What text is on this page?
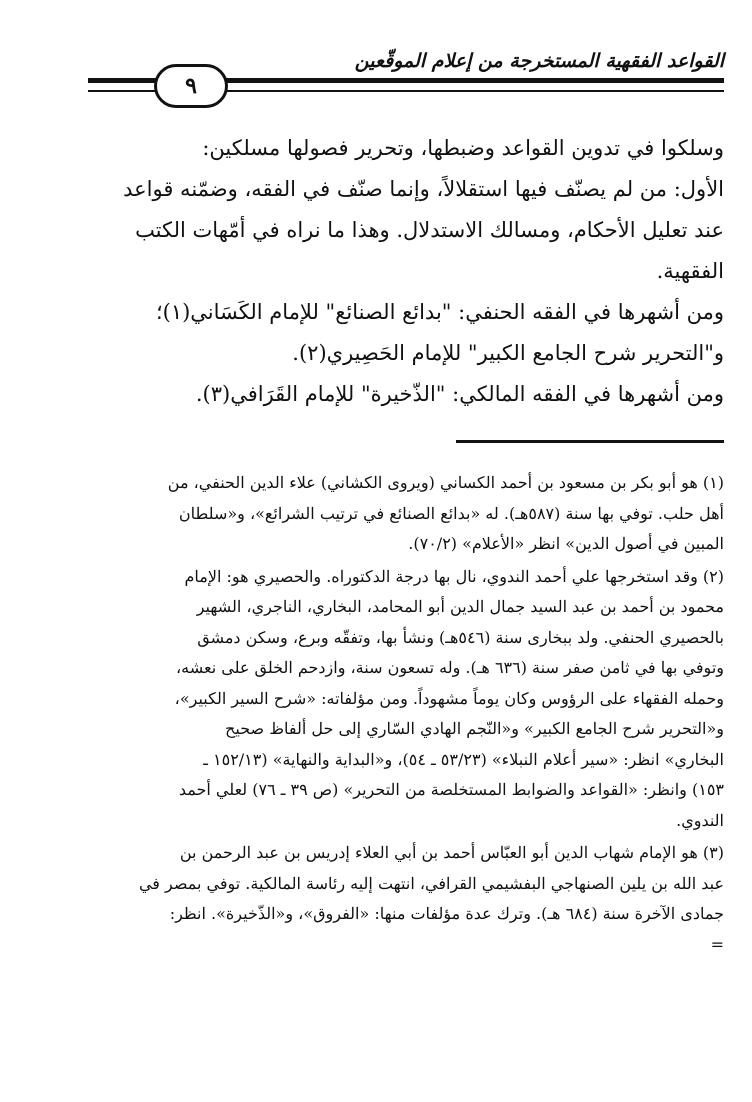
القواعد الفقهية المستخرجة من إعلام الموقّعين
٩
وسلكوا في تدوين القواعد وضبطها، وتحرير فصولها مسلكين:
الأول: من لم يصنّف فيها استقلالاً، وإنما صنّف في الفقه، وضمّنه قواعد
عند تعليل الأحكام، ومسالك الاستدلال. وهذا ما نراه في أمّهات الكتب
الفقهية.
ومن أشهرها في الفقه الحنفي: "بدائع الصنائع" للإمام الكَسَاني(١)؛
و"التحرير شرح الجامع الكبير" للإمام الحَصِيري(٢).
ومن أشهرها في الفقه المالكي: "الذّخيرة" للإمام القَرَافي(٣).
(١) هو أبو بكر بن مسعود بن أحمد الكساني (ويروى الكشاني) علاء الدين الحنفي، من
أهل حلب. توفي بها سنة (٥٨٧هـ). له «بدائع الصنائع في ترتيب الشرائع»، و«سلطان
المبين في أصول الدين» انظر «الأعلام» (٧٠/٢).
(٢) وقد استخرجها علي أحمد الندوي، نال بها درجة الدكتوراه. والحصيري هو: الإمام
محمود بن أحمد بن عبد السيد جمال الدين أبو المحامد، البخاري، الناجري، الشهير
بالحصيري الحنفي. ولد ببخارى سنة (٥٤٦هـ) ونشأ بها، وتفقّه وبرع، وسكن دمشق
وتوفي بها في ثامن صفر سنة (٦٣٦ هـ). وله تسعون سنة، وازدحم الخلق على نعشه،
وحمله الفقهاء على الرؤوس وكان يوماً مشهوداً. ومن مؤلفاته: «شرح السير الكبير»،
و«التحرير شرح الجامع الكبير» و«النّجم الهادي السّاري إلى حل ألفاظ صحيح
البخاري» انظر: «سير أعلام النبلاء» (٥٣/٢٣ ـ ٥٤)، و«البداية والنهاية» (١٥٢/١٣ ـ
١٥٣) وانظر: «القواعد والضوابط المستخلصة من التحرير» (ص ٣٩ ـ ٧٦) لعلي أحمد
الندوي.
(٣) هو الإمام شهاب الدين أبو العبّاس أحمد بن أبي العلاء إدريس بن عبد الرحمن بن
عبد الله بن يلين الصنهاجي البفشيمي القرافي، انتهت إليه رئاسة المالكية. توفي بمصر في
جمادى الآخرة سنة (٦٨٤ هـ). وترك عدة مؤلفات منها: «الفروق»، و«الذّخيرة». انظر:
=
